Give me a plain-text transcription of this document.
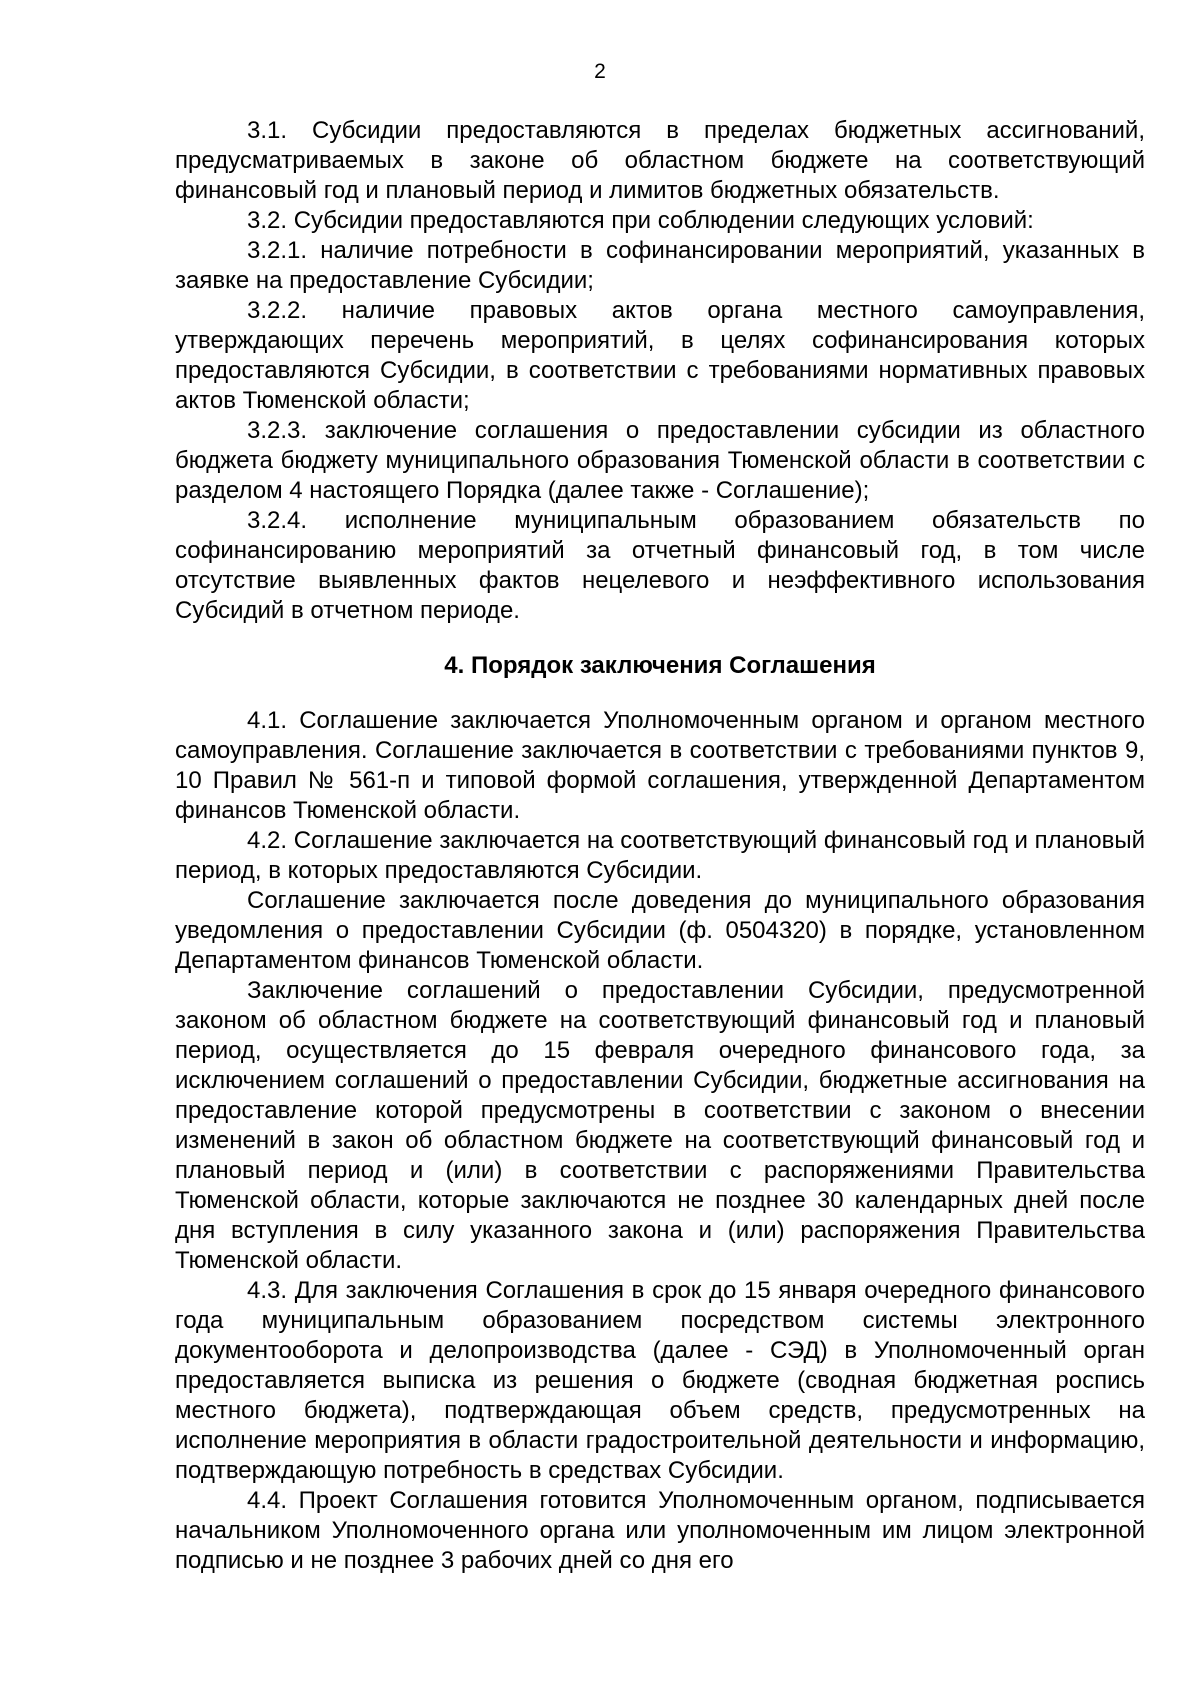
2

3.1. Субсидии предоставляются в пределах бюджетных ассигнований, предусматриваемых в законе об областном бюджете на соответствующий финансовый год и плановый период и лимитов бюджетных обязательств.

3.2. Субсидии предоставляются при соблюдении следующих условий:

3.2.1. наличие потребности в софинансировании мероприятий, указанных в заявке на предоставление Субсидии;

3.2.2. наличие правовых актов органа местного самоуправления, утверждающих перечень мероприятий, в целях софинансирования которых предоставляются Субсидии, в соответствии с требованиями нормативных правовых актов Тюменской области;

3.2.3. заключение соглашения о предоставлении субсидии из областного бюджета бюджету муниципального образования Тюменской области в соответствии с разделом 4 настоящего Порядка (далее также - Соглашение);

3.2.4. исполнение муниципальным образованием обязательств по софинансированию мероприятий за отчетный финансовый год, в том числе отсутствие выявленных фактов нецелевого и неэффективного использования Субсидий в отчетном периоде.

4. Порядок заключения Соглашения

4.1. Соглашение заключается Уполномоченным органом и органом местного самоуправления. Соглашение заключается в соответствии с требованиями пунктов 9, 10 Правил № 561-п и типовой формой соглашения, утвержденной Департаментом финансов Тюменской области.

4.2. Соглашение заключается на соответствующий финансовый год и плановый период, в которых предоставляются Субсидии.

Соглашение заключается после доведения до муниципального образования уведомления о предоставлении Субсидии (ф. 0504320) в порядке, установленном Департаментом финансов Тюменской области.

Заключение соглашений о предоставлении Субсидии, предусмотренной законом об областном бюджете на соответствующий финансовый год и плановый период, осуществляется до 15 февраля очередного финансового года, за исключением соглашений о предоставлении Субсидии, бюджетные ассигнования на предоставление которой предусмотрены в соответствии с законом о внесении изменений в закон об областном бюджете на соответствующий финансовый год и плановый период и (или) в соответствии с распоряжениями Правительства Тюменской области, которые заключаются не позднее 30 календарных дней после дня вступления в силу указанного закона и (или) распоряжения Правительства Тюменской области.

4.3. Для заключения Соглашения в срок до 15 января очередного финансового года муниципальным образованием посредством системы электронного документооборота и делопроизводства (далее - СЭД) в Уполномоченный орган предоставляется выписка из решения о бюджете (сводная бюджетная роспись местного бюджета), подтверждающая объем средств, предусмотренных на исполнение мероприятия в области градостроительной деятельности и информацию, подтверждающую потребность в средствах Субсидии.

4.4. Проект Соглашения готовится Уполномоченным органом, подписывается начальником Уполномоченного органа или уполномоченным им лицом электронной подписью и не позднее 3 рабочих дней со дня его
